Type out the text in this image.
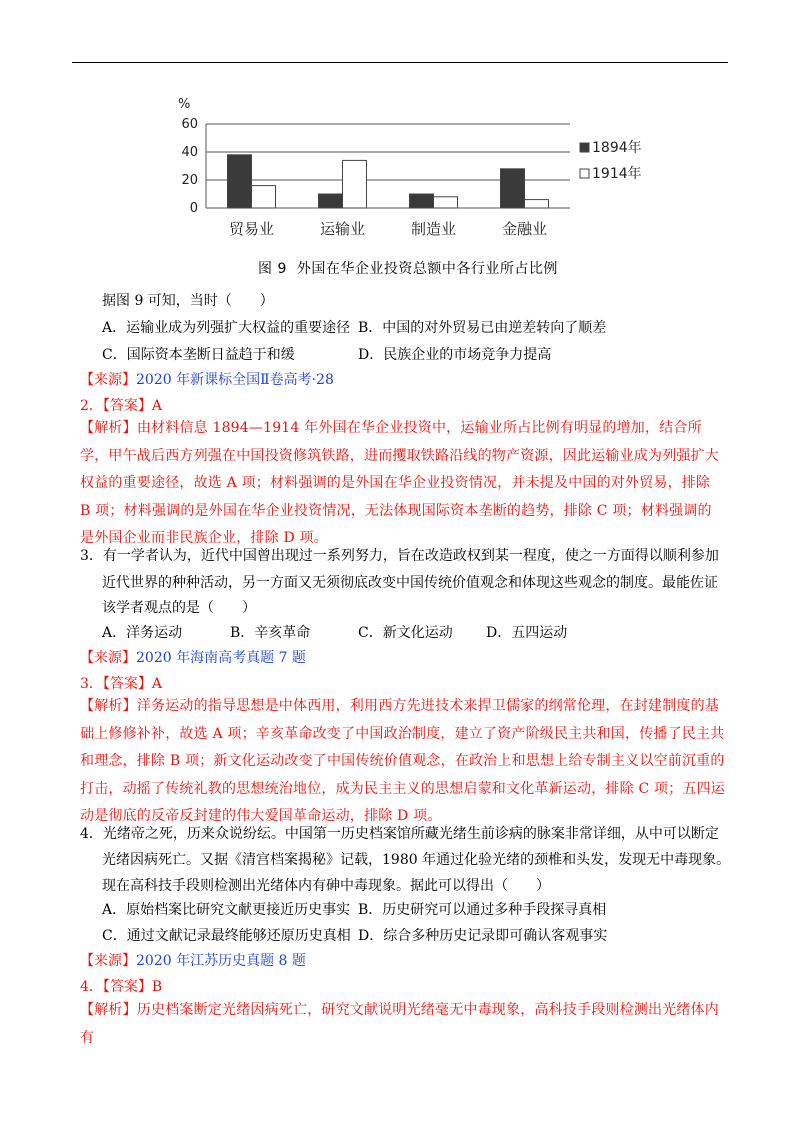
%
0
20
40
60
贸易业	运输业	制造业	金融业
1894年
1914年
图 9 外国在华企业投资总额中各行业所占比例
据图 9 可知，当时（　　）
A．运输业成为列强扩大权益的重要途径 B．中国的对外贸易已由逆差转向了顺差
C．国际资本垄断日益趋于和缓	D．民族企业的市场竞争力提高
【来源】2020 年新课标全国Ⅱ卷高考·28
2．【答案】A
【解析】由材料信息 1894—1914 年外国在华企业投资中，运输业所占比例有明显的增加，结合所学，甲午战后西方列强在中国投资修筑铁路，进而攫取铁路沿线的物产资源，因此运输业成为列强扩大权益的重要途径，故选 A 项；材料强调的是外国在华企业投资情况，并未提及中国的对外贸易，排除 B 项；材料强调的是外国在华企业投资情况，无法体现国际资本垄断的趋势，排除 C 项；材料强调的是外国企业而非民族企业，排除 D 项。
3．有一学者认为，近代中国曾出现过一系列努力，旨在改造政权到某一程度，使之一方面得以顺利参加
近代世界的种种活动，另一方面又无须彻底改变中国传统价值观念和体现这些观念的制度。最能佐证
该学者观点的是（　　）
A．洋务运动	B．辛亥革命	C．新文化运动 D．五四运动
【来源】2020 年海南高考真题 7 题
3．【答案】A
【解析】洋务运动的指导思想是中体西用，利用西方先进技术来捍卫儒家的纲常伦理，在封建制度的基础上修修补补，故选 A 项；辛亥革命改变了中国政治制度，建立了资产阶级民主共和国，传播了民主共和理念，排除 B 项；新文化运动改变了中国传统价值观念，在政治上和思想上给专制主义以空前沉重的打击，动摇了传统礼教的思想统治地位，成为民主主义的思想启蒙和文化革新运动，排除 C 项；五四运动是彻底的反帝反封建的伟大爱国革命运动，排除 D 项。
4．光绪帝之死，历来众说纷纭。中国第一历史档案馆所藏光绪生前诊病的脉案非常详细，从中可以断定
光绪因病死亡。又据《清宫档案揭秘》记载，1980 年通过化验光绪的颈椎和头发，发现无中毒现象。
现在高科技手段则检测出光绪体内有砷中毒现象。据此可以得出（　　）
A．原始档案比研究文献更接近历史事实 B．历史研究可以通过多种手段探寻真相
C．通过文献记录最终能够还原历史真相 D．综合多种历史记录即可确认客观事实
【来源】2020 年江苏历史真题 8 题
4．【答案】B
【解析】历史档案断定光绪因病死亡，研究文献说明光绪毫无中毒现象，高科技手段则检测出光绪体内有
